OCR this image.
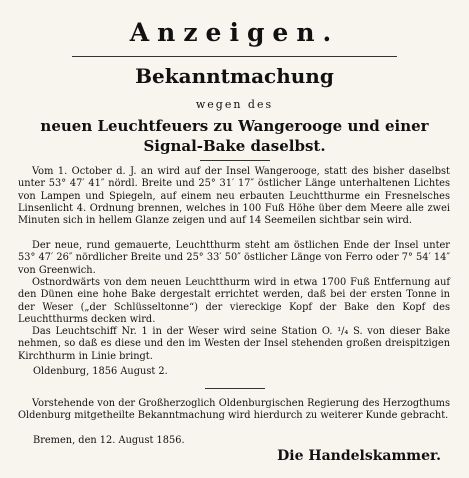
Anzeigen.
Bekanntmachung
wegen des
neuen Leuchtfeuers zu Wangerooge und einer
Signal-Bake daselbst.
Vom 1. October d. J. an wird auf der Insel Wangerooge, statt des bisher daselbst unter 53° 47′ 41″ nördl. Breite und 25° 31′ 17″ östlicher Länge unterhaltenen Lichtes von Lampen und Spiegeln, auf einem neu erbauten Leuchtthurme ein Fresnelsches Linsenlicht 4. Ordnung brennen, welches in 100 Fuß Höhe über dem Meere alle zwei Minuten sich in hellem Glanze zeigen und auf 14 Seemeilen sichtbar sein wird.
Der neue, rund gemauerte, Leuchtthurm steht am östlichen Ende der Insel unter 53° 47′ 26″ nördlicher Breite und 25° 33′ 50″ östlicher Länge von Ferro oder 7° 54′ 14″ von Greenwich.
Ostnordwärts von dem neuen Leuchtthurm wird in etwa 1700 Fuß Entfernung auf den Dünen eine hohe Bake dergestalt errichtet werden, daß bei der ersten Tonne in der Weser („der Schlüsseltonne“) der viereckige Kopf der Bake den Kopf des Leuchtthurms decken wird.
Das Leuchtschiff Nr. 1 in der Weser wird seine Station O. ¹/₄ S. von dieser Bake nehmen, so daß es diese und den im Westen der Insel stehenden großen dreispitzigen Kirchthurm in Linie bringt.
Oldenburg, 1856 August 2.
Vorstehende von der Großherzoglich Oldenburgischen Regierung des Herzogthums Oldenburg mitgetheilte Bekanntmachung wird hierdurch zu weiterer Kunde gebracht.
Bremen, den 12. August 1856.
Die Handelskammer.
